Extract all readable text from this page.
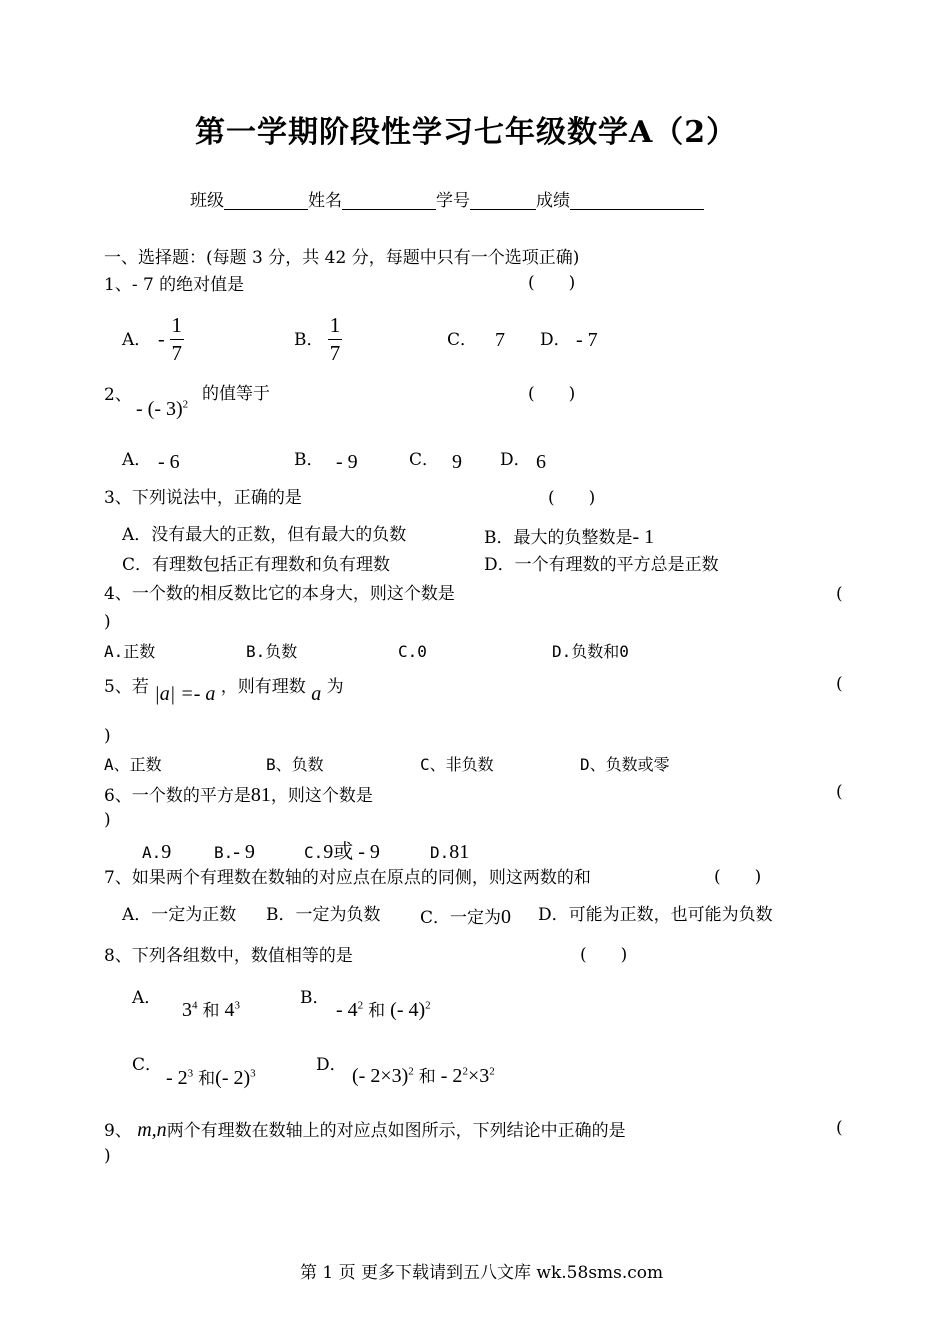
第一学期阶段性学习七年级数学A（2）
班级	姓名	学号	成绩
一、选择题：(每题 3 分，共 42 分，每题中只有一个选项正确)
1、- 7 的绝对值是	(　　)
A． - $\frac{1}{7}$	B． $\frac{1}{7}$	C． 7 D． - 7
2、
- (- 3)$^2$
的值等于	(　　)
A． - 6	B． - 9	C． 9 D． 6
3、下列说法中，正确的是	(　　)
A．没有最大的正数，但有最大的负数	B．最大的负整数是- 1
C．有理数包括正有理数和负有理数	D．一个有理数的平方总是正数
4、一个数的相反数比它的本身大，则这个数是	(
)
A.正数	B.负数	C.0	D.负数和0
5、若 |a| =- a ，则有理数 a 为	(
)
A、正数	B、负数	C、非负数	D、负数或零
6、一个数的平方是81，则这个数是	(
)
A.9	B.- 9	C.9或 - 9	D.81
7、如果两个有理数在数轴的对应点在原点的同侧，则这两数的和	(　　)
A．一定为正数 B．一定为负数 C．一定为0 D．可能为正数，也可能为负数
8、下列各组数中，数值相等的是	(　　)
A．
$3^4$ 和 $4^3$	B．
- $4^2$ 和 (- 4)$^2$
C．
- $2^3$ 和(- 2)$^3$	D． (- 2×3)$^2$ 和 - $2^2\times 3^2$
9、 m,n两个有理数在数轴上的对应点如图所示，下列结论中正确的是	(
)
第 1 页 更多下载请到五八文库 wk.58sms.com
